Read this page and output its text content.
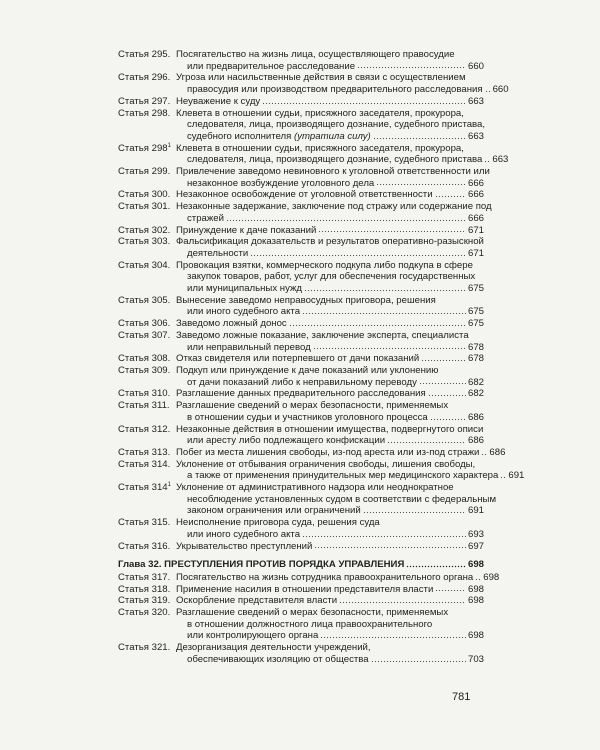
Статья 295. Посягательство на жизнь лица, осуществляющего правосудие
или предварительное расследование	660
Статья 296. Угроза или насильственные действия в связи с осуществлением
правосудия или производством предварительного расследования 660
Статья 297. Неуважение к суду	663
Статья 298. Клевета в отношении судьи, присяжного заседателя, прокурора,
следователя, лица, производящего дознание, судебного пристава,
судебного исполнителя (утратила силу)	663
Статья $298^1$ Клевета в отношении судьи, присяжного заседателя, прокурора,
следователя, лица, производящего дознание, судебного пристава 663
Статья 299. Привлечение заведомо невиновного к уголовной ответственности или
незаконное возбуждение уголовного дела	666
Статья 300. Незаконное освобождение от уголовной ответственности	666
Статья 301. Незаконные задержание, заключение под стражу или содержание под
стражей	666
Статья 302. Принуждение к даче показаний	671
Статья 303. Фальсификация доказательств и результатов оперативно-разыскной
деятельности	671
Статья 304. Провокация взятки, коммерческого подкупа либо подкупа в сфере
закупок товаров, работ, услуг для обеспечения государственных
или муниципальных нужд	675
Статья 305. Вынесение заведомо неправосудных приговора, решения
или иного судебного акта	675
Статья 306. Заведомо ложный донос	675
Статья 307. Заведомо ложные показание, заключение эксперта, специалиста
или неправильный перевод	678
Статья 308. Отказ свидетеля или потерпевшего от дачи показаний	678
Статья 309. Подкуп или принуждение к даче показаний или уклонению
от дачи показаний либо к неправильному переводу	682
Статья 310. Разглашение данных предварительного расследования	682
Статья 311. Разглашение сведений о мерах безопасности, применяемых
в отношении судьи и участников уголовного процесса	686
Статья 312. Незаконные действия в отношении имущества, подвергнутого описи
или аресту либо подлежащего конфискации	686
Статья 313. Побег из места лишения свободы, из-под ареста или из-под стражи 686
Статья 314. Уклонение от отбывания ограничения свободы, лишения свободы,
а также от применения принудительных мер медицинского характера 691
Статья $314^1$ Уклонение от административного надзора или неоднократное
несоблюдение установленных судом в соответствии с федеральным
законом ограничения или ограничений	691
Статья 315. Неисполнение приговора суда, решения суда
или иного судебного акта	693
Статья 316. Укрывательство преступлений	697
Глава 32. ПРЕСТУПЛЕНИЯ ПРОТИВ ПОРЯДКА УПРАВЛЕНИЯ	698
Статья 317. Посягательство на жизнь сотрудника правоохранительного органа 698
Статья 318. Применение насилия в отношении представителя власти	698
Статья 319. Оскорбление представителя власти	698
Статья 320. Разглашение сведений о мерах безопасности, применяемых
в отношении должностного лица правоохранительного
или контролирующего органа	698
Статья 321. Дезорганизация деятельности учреждений,
обеспечивающих изоляцию от общества	703
781
